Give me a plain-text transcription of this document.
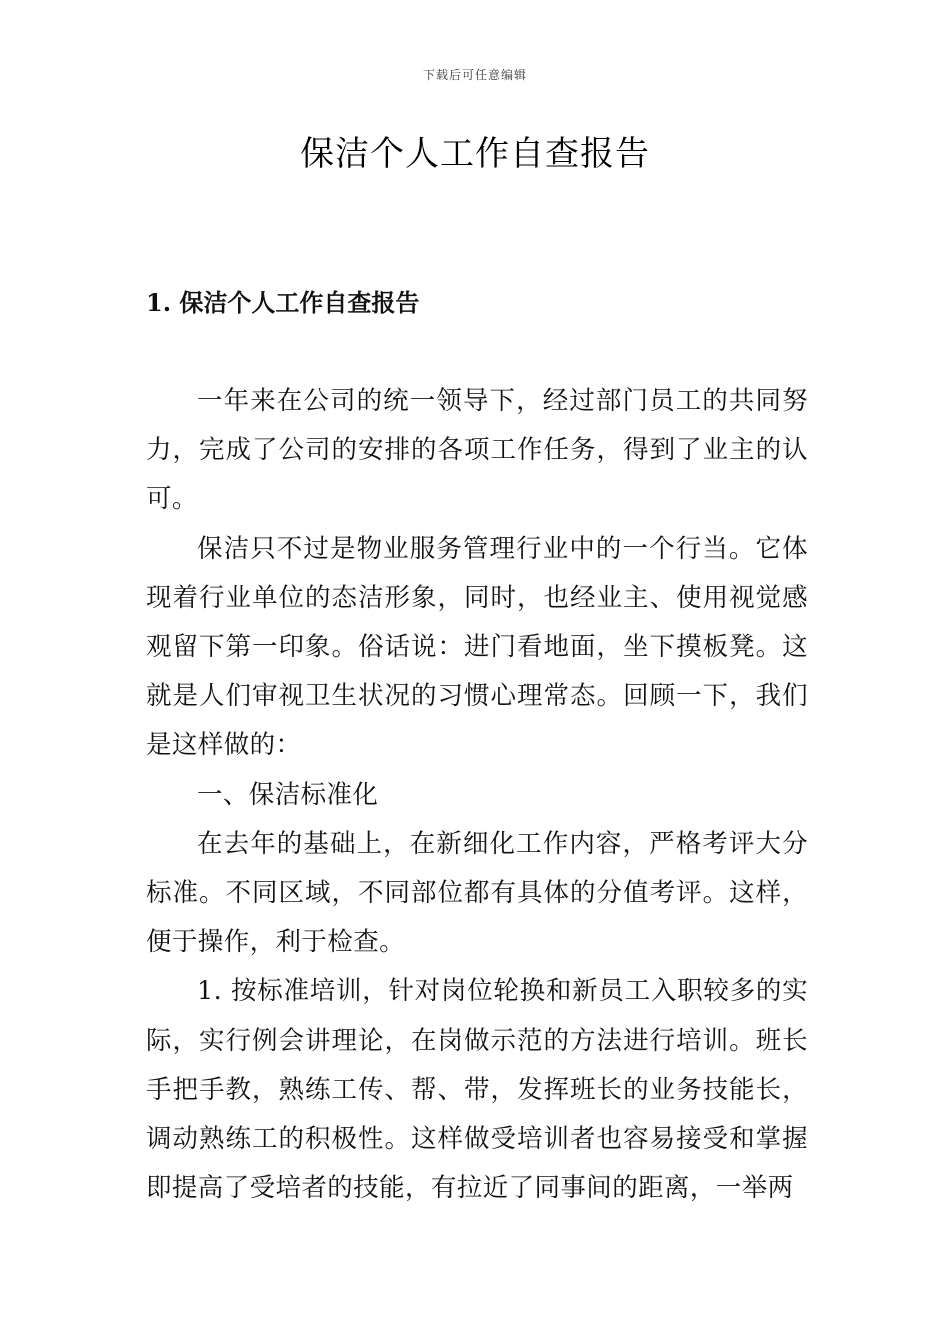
下载后可任意编辑
保洁个人工作自查报告
1. 保洁个人工作自查报告

一年来在公司的统一领导下，经过部门员工的共同努力，完成了公司的安排的各项工作任务，得到了业主的认可。

保洁只不过是物业服务管理行业中的一个行当。它体现着行业单位的态洁形象，同时，也经业主、使用视觉感观留下第一印象。俗话说：进门看地面，坐下摸板凳。这就是人们审视卫生状况的习惯心理常态。回顾一下，我们是这样做的：

一、保洁标准化

在去年的基础上，在新细化工作内容，严格考评大分标准。不同区域，不同部位都有具体的分值考评。这样，便于操作，利于检查。

1. 按标准培训，针对岗位轮换和新员工入职较多的实际，实行例会讲理论，在岗做示范的方法进行培训。班长手把手教，熟练工传、帮、带，发挥班长的业务技能长，调动熟练工的积极性。这样做受培训者也容易接受和掌握即提高了受培者的技能，有拉近了同事间的距离，一举两
